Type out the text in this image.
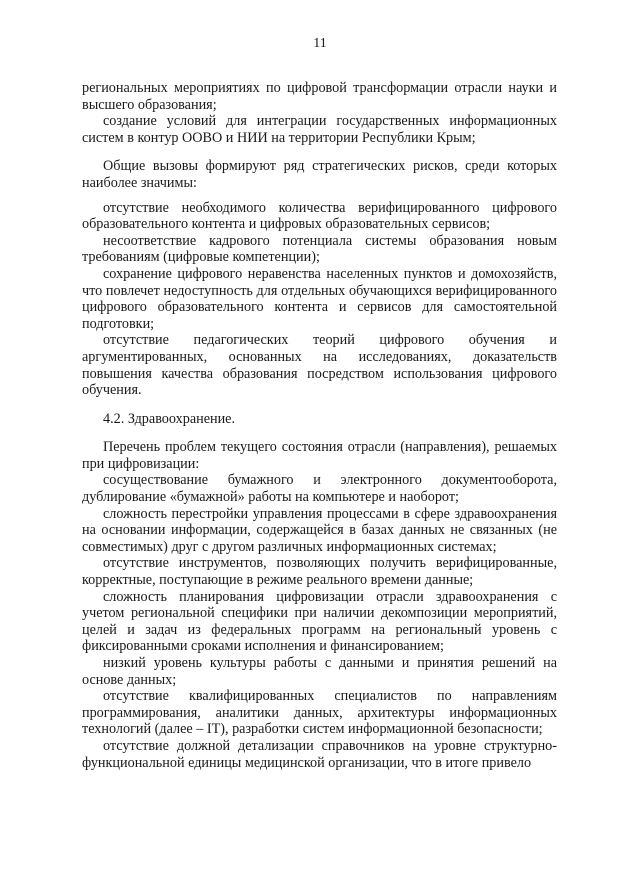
11

региональных мероприятиях по цифровой трансформации отрасли науки и высшего образования;

создание условий для интеграции государственных информационных систем в контур ООВО и НИИ на территории Республики Крым;

Общие вызовы формируют ряд стратегических рисков, среди которых наиболее значимы:

отсутствие необходимого количества верифицированного цифрового образовательного контента и цифровых образовательных сервисов;

несоответствие кадрового потенциала системы образования новым требованиям (цифровые компетенции);

сохранение цифрового неравенства населенных пунктов и домохозяйств, что повлечет недоступность для отдельных обучающихся верифицированного цифрового образовательного контента и сервисов для самостоятельной подготовки;

отсутствие педагогических теорий цифрового обучения и аргументированных, основанных на исследованиях, доказательств повышения качества образования посредством использования цифрового обучения.

4.2. Здравоохранение.

Перечень проблем текущего состояния отрасли (направления), решаемых при цифровизации:

сосуществование бумажного и электронного документооборота, дублирование «бумажной» работы на компьютере и наоборот;

сложность перестройки управления процессами в сфере здравоохранения на основании информации, содержащейся в базах данных не связанных (не совместимых) друг с другом различных информационных системах;

отсутствие инструментов, позволяющих получить верифицированные, корректные, поступающие в режиме реального времени данные;

сложность планирования цифровизации отрасли здравоохранения с учетом региональной специфики при наличии декомпозиции мероприятий, целей и задач из федеральных программ на региональный уровень с фиксированными сроками исполнения и финансированием;

низкий уровень культуры работы с данными и принятия решений на основе данных;

отсутствие квалифицированных специалистов по направлениям программирования, аналитики данных, архитектуры информационных технологий (далее – IT), разработки систем информационной безопасности;

отсутствие должной детализации справочников на уровне структурно-функциональной единицы медицинской организации, что в итоге привело
